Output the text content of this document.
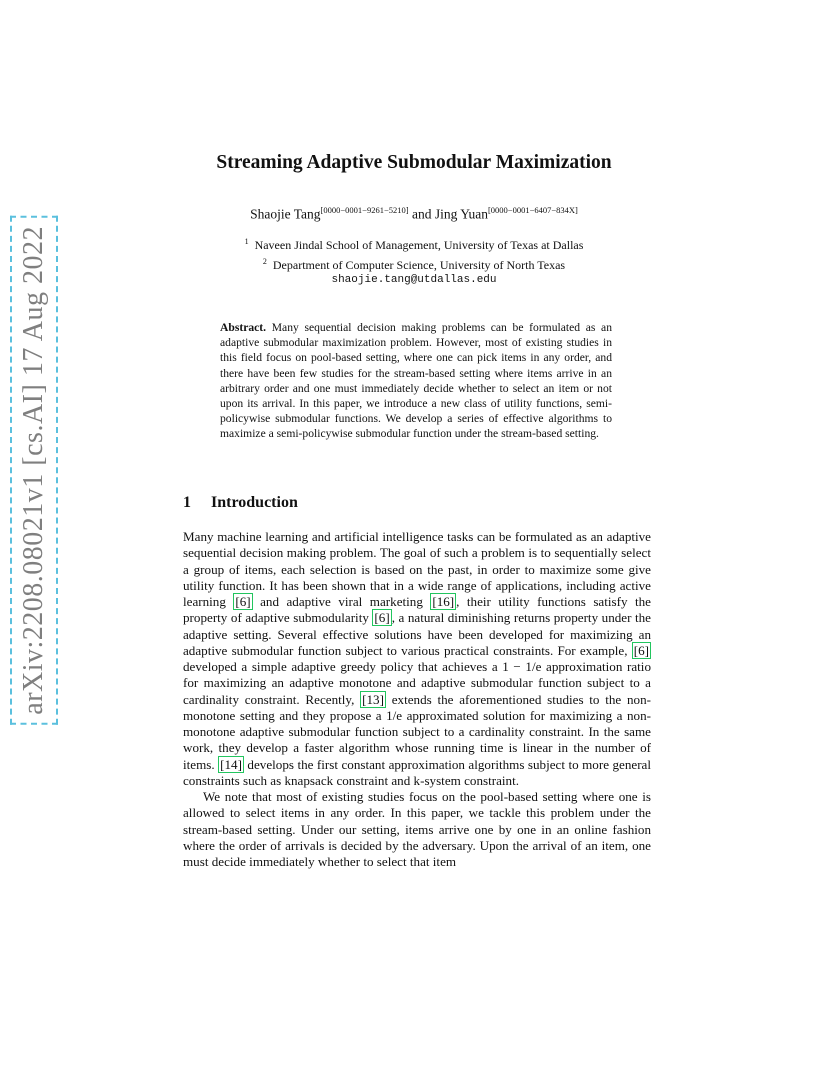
arXiv:2208.08021v1 [cs.AI] 17 Aug 2022
Streaming Adaptive Submodular Maximization
Shaojie Tang[0000−0001−9261−5210] and Jing Yuan[0000−0001−6407−834X]
$^1$ Naveen Jindal School of Management, University of Texas at Dallas
$^2$ Department of Computer Science, University of North Texas
shaojie.tang@utdallas.edu
Abstract. Many sequential decision making problems can be formulated as an adaptive submodular maximization problem. However, most of existing studies in this field focus on pool-based setting, where one can pick items in any order, and there have been few studies for the stream-based setting where items arrive in an arbitrary order and one must immediately decide whether to select an item or not upon its arrival. In this paper, we introduce a new class of utility functions, semi-policywise submodular functions. We develop a series of effective algorithms to maximize a semi-policywise submodular function under the stream-based setting.
1 Introduction

Many machine learning and artificial intelligence tasks can be formulated as an adaptive sequential decision making problem. The goal of such a problem is to sequentially select a group of items, each selection is based on the past, in order to maximize some give utility function. It has been shown that in a wide range of applications, including active learning [6] and adaptive viral marketing [16] , their utility functions satisfy the property of adaptive submodularity [6] , a natural diminishing returns property under the adaptive setting. Several effective solutions have been developed for maximizing an adaptive submodular function subject to various practical constraints. For example, [6] developed a simple adaptive greedy policy that achieves a 1 − 1/e approximation ratio for maximizing an adaptive monotone and adaptive submodular function subject to a cardinality constraint. Recently, [13] extends the aforementioned studies to the non-monotone setting and they propose a 1/e approximated solution for maximizing a non-monotone adaptive submodular function subject to a cardinality constraint. In the same work, they develop a faster algorithm whose running time is linear in the number of items. [14] develops the first constant approximation algorithms subject to more general constraints such as knapsack constraint and k-system constraint.

We note that most of existing studies focus on the pool-based setting where one is allowed to select items in any order. In this paper, we tackle this problem under the stream-based setting. Under our setting, items arrive one by one in an online fashion where the order of arrivals is decided by the adversary. Upon the arrival of an item, one must decide immediately whether to select that item
